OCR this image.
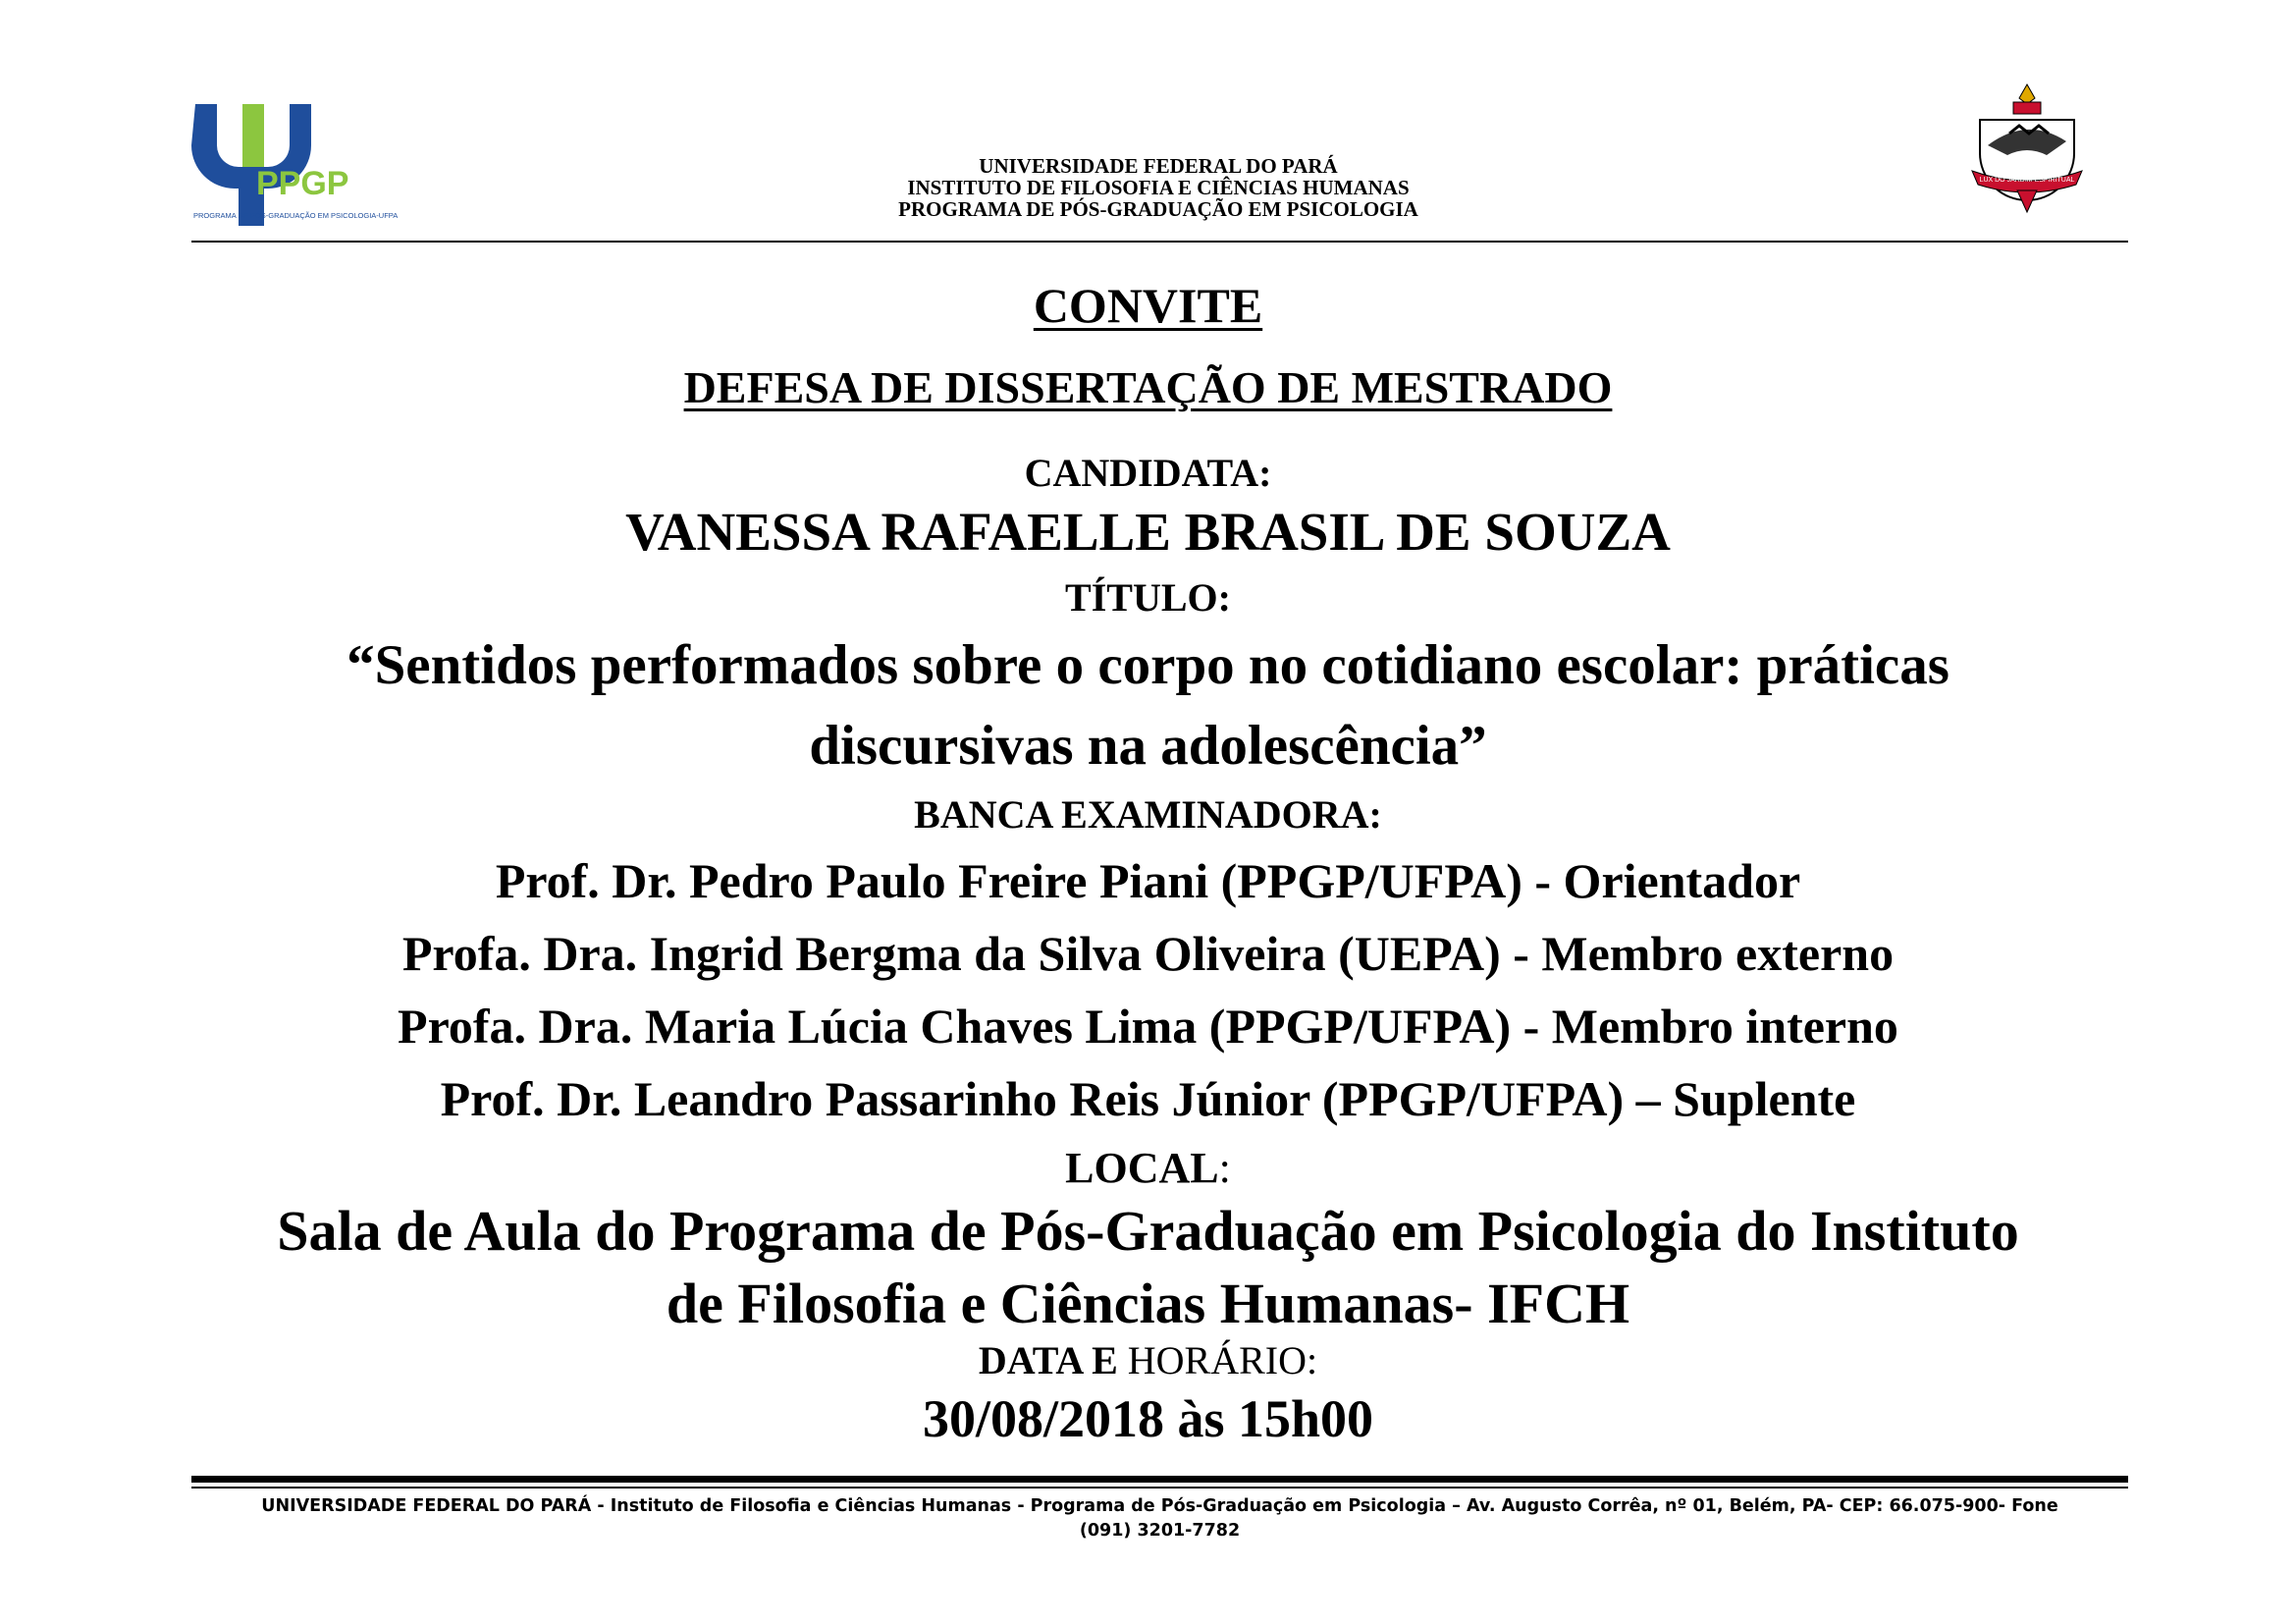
PPGP
PROGRAMA DE PÓS-GRADUAÇÃO EM PSICOLOGIA-UFPA
LUX DO JARDIM ESPIRITUAL
UNIVERSIDADE FEDERAL DO PARÁ
INSTITUTO DE FILOSOFIA E CIÊNCIAS HUMANAS
PROGRAMA DE PÓS-GRADUAÇÃO EM PSICOLOGIA
CONVITE
DEFESA DE DISSERTAÇÃO DE MESTRADO
CANDIDATA:
VANESSA RAFAELLE BRASIL DE SOUZA
TÍTULO:
“Sentidos performados sobre o corpo no cotidiano escolar: práticas
discursivas na adolescência”
BANCA EXAMINADORA:
Prof. Dr. Pedro Paulo Freire Piani (PPGP/UFPA) - Orientador
Profa. Dra. Ingrid Bergma da Silva Oliveira (UEPA) - Membro externo
Profa. Dra. Maria Lúcia Chaves Lima (PPGP/UFPA) - Membro interno
Prof. Dr. Leandro Passarinho Reis Júnior (PPGP/UFPA) – Suplente
LOCAL:
Sala de Aula do Programa de Pós-Graduação em Psicologia do Instituto
de Filosofia e Ciências Humanas- IFCH
DATA E HORÁRIO:
30/08/2018 às 15h00
UNIVERSIDADE FEDERAL DO PARÁ - Instituto de Filosofia e Ciências Humanas - Programa de Pós-Graduação em Psicologia – Av. Augusto Corrêa, nº 01, Belém, PA- CEP: 66.075-900- Fone
(091) 3201-7782
